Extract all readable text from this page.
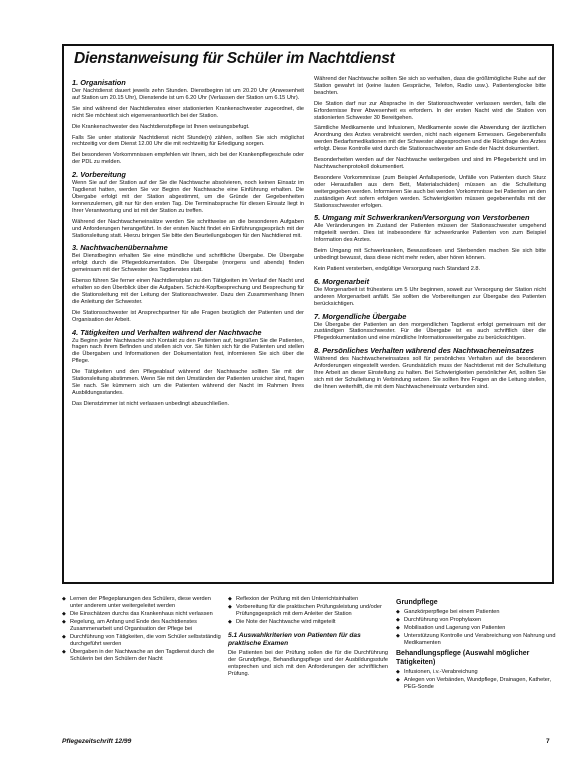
Dienstanweisung für Schüler im Nachtdienst
1. Organisation
Der Nachtdienst dauert jeweils zehn Stunden. Dienstbeginn ist um 20.20 Uhr (Anwesenheit auf Station um 20.15 Uhr), Dienstende ist um 6.20 Uhr (Verlassen der Station um 6.15 Uhr).
Sie sind während der Nachtdienstes einer stationierten Krankenschwester zugeordnet, die nicht Sie möchtest sich eigenverantwortlich bei der Station.
Die Krankenschwester des Nachtdienstpflege ist Ihnen weisungsbefugt.
Falls Sie unter stationär Nachtdienst nicht Stunde(n) zählen, sollten Sie sich möglichst rechtzeitig vor dem Dienst 12.00 Uhr die mit rechtzeitig für Erledigung sorgen.
Bei besonderen Vorkommnissen empfehlen wir Ihnen, sich bei der Krankenpflegeschule oder der PDL zu melden.
2. Vorbereitung
Wenn Sie auf der Station auf der Sie die Nachtwache absolvieren, noch keinen Einsatz im Tagdienst hatten, werden Sie vor Beginn der Nachtwache eine Einführung erhalten. Die Übergabe erfolgt mit der Station abgestimmt, um die Gründe der Gegebenheiten kennenzulernen, gilt nur für den ersten Tag. Die Terminabsprache für diesen Einsatz liegt in Ihrer Verantwortung und ist mit der Station zu treffen.
Während der Nachtwacheneinsätze werden Sie schrittweise an die besonderen Aufgaben und Anforderungen herangeführt. In der ersten Nacht findet ein Einführungsgespräch mit der Stationsleitung statt. Hierzu bringen Sie bitte den Beurteilungsbogen für den Nachtdienst mit.
3. Nachtwachenübernahme
Bei Dienstbeginn erhalten Sie eine mündliche und schriftliche Übergabe. Die Übergabe erfolgt durch die Pflegedokumentation. Die Übergabe (morgens und abends) finden gemeinsam mit der Schwester des Tagdienstes statt.
Ebenso führen Sie ferner einen Nachtdienstplan zu den Tätigkeiten im Verlauf der Nacht und erhalten so den Überblick über die Aufgaben. Schicht-Kopfbesprechung und Besprechung für die Stationsleitung mit der Leitung der Stationsschwester. Dazu den Zusammenhang Ihnen die Anleitung der Schwester.
Die Stationsschwester ist Ansprechpartner für alle Fragen bezüglich der Patienten und der Organisation der Arbeit.
4. Tätigkeiten und Verhalten während der Nachtwache
Zu Beginn jeder Nachtwache sich Kontakt zu den Patienten auf, begrüßen Sie die Patienten, fragen nach ihrem Befinden und stellen sich vor. Sie fühlen sich für die Patienten und stellen die Übergaben und Informationen der Dokumentation fest, informieren Sie sich über die Pflege.
Die Tätigkeiten und den Pflegeablauf während der Nachtwache sollten Sie mit der Stationsleitung abstimmen. Wenn Sie mit den Umständen der Patienten unsicher sind, fragen Sie nach. Sie kümmern sich um die Patienten während der Nacht im Rahmen Ihres Ausbildungsstandes.
Das Dienstzimmer ist nicht verlassen unbedingt abzuschließen.
Während der Nachtwache sollten Sie sich so verhalten, dass die größtmögliche Ruhe auf der Station gewahrt ist (keine lauten Gespräche, Telefon, Radio usw.). Patientenglocke bitte beachten.
Die Station darf nur zur Absprache in der Stationsschwester verlassen werden, falls die Erfordernisse Ihrer Abwesenheit es erfordern. In der ersten Nacht wird die Station von stationierten Schwester 30 Bereitgehen.
Sämtliche Medikamente und Infusionen, Medikamente sowie die Abwendung der ärztlichen Anordnung des Arztes verabreicht werden, nicht nach eigenem Ermessen. Gegebenenfalls werden Bedarfsmedikationen mit der Schwester abgesprochen und die Rückfrage des Arztes erfolgt. Diese Kontrolle wird durch die Stationsschwester am Ende der Nacht dokumentiert.
Besonderheiten werden auf der Nachtwache weitergeben und sind im Pflegebericht und im Nachtwachenprotokoll dokumentiert.
Besondere Vorkommnisse (zum Beispiel Anfallsperiode, Unfälle von Patienten durch Sturz oder Herausfallen aus dem Bett, Materialschäden) müssen an die Schulleitung weitergegeben werden. Informieren Sie auch bei werden Vorkommnisse bei Patienten an den zuständigen Arzt sofern erfolgen werden. Schwierigkeiten müssen gegebenenfalls mit der Stationsschwester erfolgen.
5. Umgang mit Schwerkranken/Versorgung von Verstorbenen
Alle Veränderungen im Zustand der Patienten müssen der Stationsschwester umgehend mitgeteilt werden. Dies ist insbesondere für schwerkranke Patienten von zum Beispiel Information des Arztes.
Beim Umgang mit Schwerkranken, Bewusstlosen und Sterbenden machen Sie sich bitte unbedingt bewusst, dass diese nicht mehr reden, aber hören können.
Kein Patient versterben, endgültige Versorgung nach Standard 2.8.
6. Morgenarbeit
Die Morgenarbeit ist frühestens um 5 Uhr beginnen, soweit zur Versorgung der Station nicht anderen Morgenarbeit anfällt. Sie sollten die Vorbereitungen zur Übergabe des Patienten berücksichtigen.
7. Morgendliche Übergabe
Die Übergabe der Patienten an den morgendlichen Tagdienst erfolgt gemeinsam mit der zuständigen Stationsschwester. Für die Übergabe ist es auch schriftlich über die Pflegedokumentation und eine mündliche Informationsweitergabe zu berücksichtigen.
8. Persönliches Verhalten während des Nachtwacheneinsatzes
Während des Nachtwacheneinsatzes soll für persönliches Verhalten auf die besonderen Anforderungen eingestellt werden. Grundsätzlich muss der Nachtdienst mit der Schulleitung Ihre Arbeit an dieser Einstellung zu halten. Bei Schwierigkeiten persönlicher Art, sollten Sie sich mit der Schulleitung in Verbindung setzen. Sie sollten Ihre Fragen an die Leitung stellen, die Ihnen weiterhilft, die mit dem Nachtwacheneinsatz verbunden sind.
◆ Lernen der Pflegeplanungen des Schülers, diese werden unter anderem unter weitergeleitet werden
◆ Die Einschätzen durchs das Krankenhaus nicht verlassen
◆ Regelung, am Anfang und Ende des Nachtdienstes Zusammenarbeit und Organisation der Pflege bei
◆ Durchführung von Tätigkeiten, die vom Schüler selbstständig durchgeführt werden
◆ Übergaben in der Nachtwache an den Tagdienst durch die Schülerin bei den Schülern der Nacht
◆ Reflexion der Prüfung mit den Unterrichtsinhalten
◆ Vorbereitung für die praktischen Prüfungsleistung und/oder Prüfungsgespräch mit dem Anleiter der Station
◆ Die Note der Nachtwache wird mitgeteilt
5.1 Auswahlkriterien von Patienten für das praktische Examen
Die Patienten bei der Prüfung sollen die für die Durchführung der Grundpflege, Behandlungspflege und der Ausbildungsstufe entsprechen und sich mit den Anforderungen der schriftlichen Prüfung.
Grundpflege
◆ Ganzkörperpflege bei einem Patienten
◆ Durchführung von Prophylaxen
◆ Mobilisation und Lagerung von Patienten
◆ Unterstützung Kontrolle und Verabreichung von Nahrung und Medikamenten
Behandlungspflege (Auswahl möglicher Tätigkeiten)
◆ Infusionen, i.v.-Verabreichung
◆ Anlegen von Verbänden, Wundpflege, Drainagen, Katheter, PEG-Sonde
Pflegezeitschrift 12/99	7
